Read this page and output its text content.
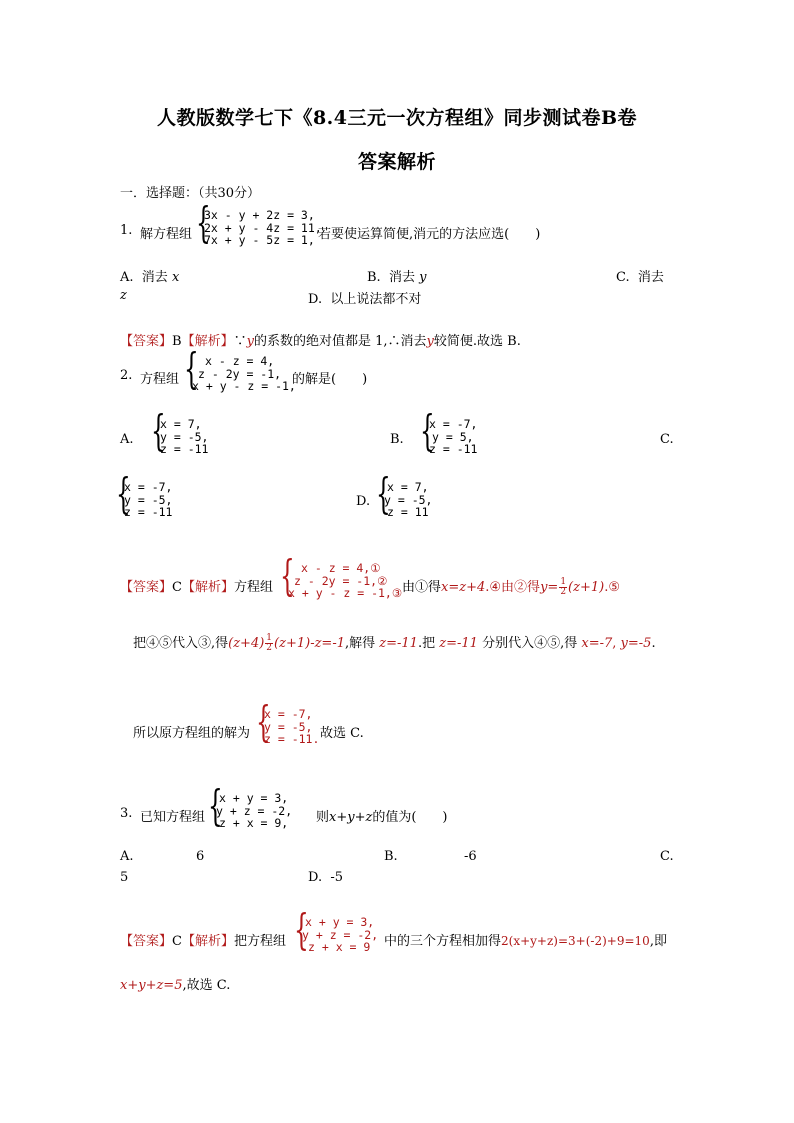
人教版数学七下《8.4三元一次方程组》同步测试卷B卷
答案解析
一．选择题：（共30分）
1. 解方程组 {
3x - y + 2z = 3,
2x + y - 4z = 11,
7x + y - 5z = 1, 若要使运算简便,消元的方法应选(　　)
A. 消去 x	B. 消去 y	C. 消去
z	D. 以上说法都不对
【答案】B【解析】∵y的系数的绝对值都是 1,∴消去y较简便.故选 B.
2. 方程组 { x - z = 4,
z - 2y = -1,
x + y - z = -1,
的解是(　　)
A. {
x = 7,
y = -5,
z = -11
B. {
x = -7,
y = 5,
z = -11
C.
{
x = -7,
y = -5,
z = -11
D. {
x = 7,
y = -5,
z = 11
【答案】C【解析】方程组 { x - z = 4,①
z - 2y = -1,②
x + y - z = -1,③ 由①得x=z+4.④由②得$y= \frac{1}{2}$ (z+1).⑤
把④⑤代入③,得$(z+4) \frac{1}{2} (z+1)-z=-1$,解得 z=-11.把 z=-11 分别代入④⑤,得 x=-7, y=-5.
所以原方程组的解为 {
x = -7,
y = -5,
z = -11. 故选 C.
3. 已知方程组 {
x + y = 3,
y + z = -2,
z + x = 9,	则x+y+z的值为(　　)
A.	6	B.	-6	C.
5	D. -5
【答案】C【解析】把方程组 {
x + y = 3,
y + z = -2,
z + x = 9	中的三个方程相加得2(x+y+z)=3+(-2)+9=10,即
x+y+z=5,故选 C.
